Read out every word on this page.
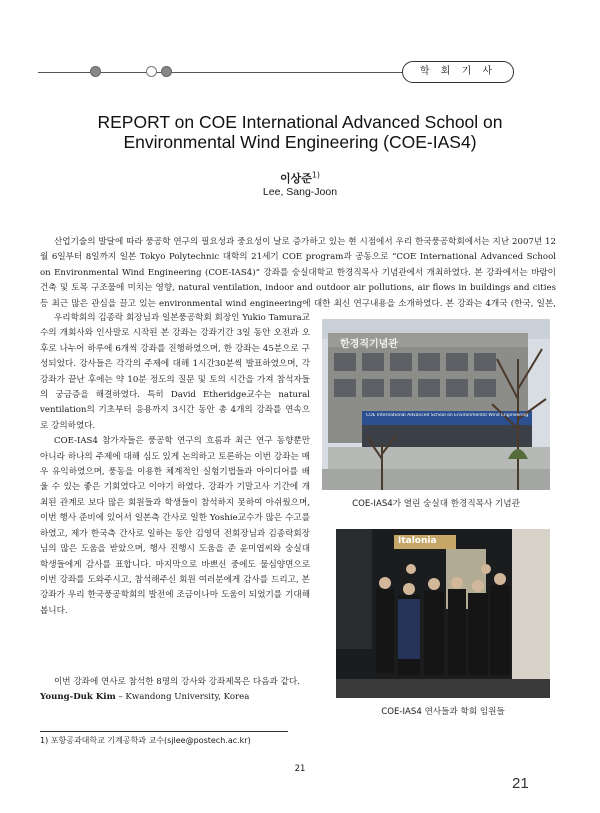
학 회 기 사
REPORT on COE International Advanced School on
Environmental Wind Engineering (COE-IAS4)
이상준$^{1)}$
Lee, Sang-Joon

산업기술의 발달에 따라 풍공학 연구의 필요성과 중요성이 날로 증가하고 있는 현 시점에서 우리 한국풍공학회에서는 지난 2007년 12월 6일부터 8일까지 일본 Tokyo Polytechnic 대학의 21세기 COE program과 공동으로 “COE International Advanced School on Environmental Wind Engineering (COE-IAS4)” 강좌를 숭실대학교 한경직목사 기념관에서 개최하였다. 본 강좌에서는 바람이 건축 및 토목 구조물에 미치는 영향, natural ventilation, indoor and outdoor air pollutions, air flows in buildings and cities 등 최근 많은 관심을 끌고 있는 environmental wind engineering에 대한 최신 연구내용을 소개하였다. 본 강좌는 4개국 (한국, 일본,

우리학회의 김종락 회장님과 일본풍공학회 회장인 Yukio Tamura교수의 개회사와 인사말로 시작된 본 강좌는 강좌기간 3일 동안 오전과 오후로 나누어 하루에 6개씩 강좌를 진행하였으며, 한 강좌는 45분으로 구성되었다. 강사들은 각각의 주제에 대해 1시간30분씩 발표하였으며, 각 강좌가 끝난 후에는 약 10분 정도의 질문 및 토의 시간을 가져 참석자들의 궁금증을 해결하였다. 특히 David Etheridge교수는 natural ventilation의 기초부터 응용까지 3시간 동안 총 4개의 강좌를 연속으로 강의하였다.

COE-IAS4 참가자들은 풍공학 연구의 흐름과 최근 연구 동향뿐만 아니라 하나의 주제에 대해 심도 있게 논의하고 토론하는 이번 강좌는 매우 유익하였으며, 풍동을 이용한 체계적인 실험기법들과 아이디어를 배울 수 있는 좋은 기회였다고 이야기 하였다. 강좌가 기말고사 기간에 개최된 관계로 보다 많은 회원들과 학생들이 참석하지 못하여 아쉬웠으며, 이번 행사 준비에 있어서 일본측 간사로 일한 Yoshie교수가 많은 수고를 하였고, 제가 한국측 간사로 일하는 동안 김영덕 전회장님과 김종락회장님의 많은 도움을 받았으며, 행사 진행시 도움을 준 윤미엽씨와 숭실대 학생들에게 감사를 표합니다. 마지막으로 바쁘신 중에도 물심양면으로 이번 강좌를 도와주시고, 참석해주신 회원 여러분에게 감사를 드리고, 본 강좌가 우리 한국풍공학회의 발전에 조금이나마 도움이 되었기를 기대해 봅니다.

이번 강좌에 연사로 참석한 8명의 강사와 강좌제목은 다음과 같다.

Young-Duk Kim – Kwandong University, Korea

한경직기념관
COE International Advanced School on Environmental Wind Engineering
COE-IAS4가 열린 숭실대 한경직목사 기념관
Italonia
COE-IAS4 연사들과 학회 임원들
1) 포항공과대학교 기계공학과 교수(sjlee@postech.ac.kr)
21
21
